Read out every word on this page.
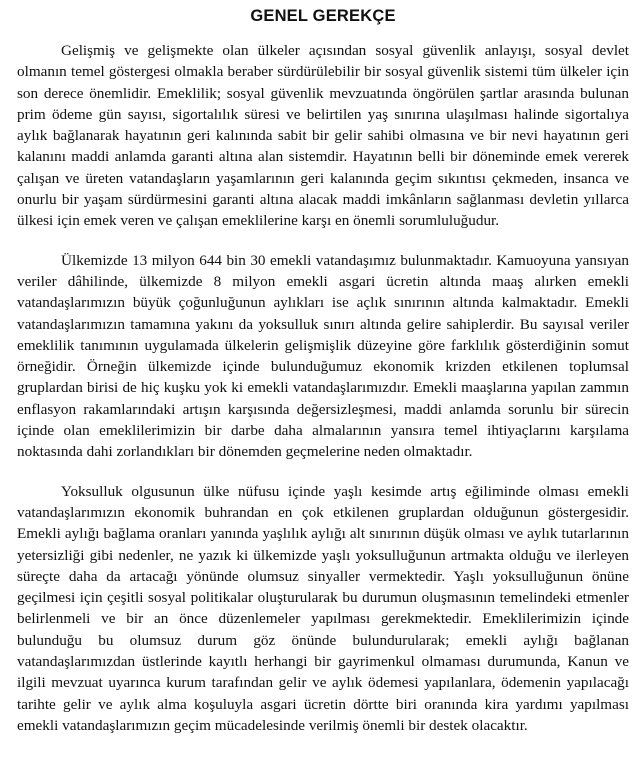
GENEL GEREKÇE

Gelişmiş ve gelişmekte olan ülkeler açısından sosyal güvenlik anlayışı, sosyal devlet olmanın temel göstergesi olmakla beraber sürdürülebilir bir sosyal güvenlik sistemi tüm ülkeler için son derece önemlidir. Emeklilik; sosyal güvenlik mevzuatında öngörülen şartlar arasında bulunan prim ödeme gün sayısı, sigortalılık süresi ve belirtilen yaş sınırına ulaşılması halinde sigortalıya aylık bağlanarak hayatının geri kalınında sabit bir gelir sahibi olmasına ve bir nevi hayatının geri kalanını maddi anlamda garanti altına alan sistemdir. Hayatının belli bir döneminde emek vererek çalışan ve üreten vatandaşların yaşamlarının geri kalanında geçim sıkıntısı çekmeden, insanca ve onurlu bir yaşam sürdürmesini garanti altına alacak maddi imkânların sağlanması devletin yıllarca ülkesi için emek veren ve çalışan emeklilerine karşı en önemli sorumluluğudur.

Ülkemizde 13 milyon 644 bin 30 emekli vatandaşımız bulunmaktadır. Kamuoyuna yansıyan veriler dâhilinde, ülkemizde 8 milyon emekli asgari ücretin altında maaş alırken emekli vatandaşlarımızın büyük çoğunluğunun aylıkları ise açlık sınırının altında kalmaktadır. Emekli vatandaşlarımızın tamamına yakını da yoksulluk sınırı altında gelire sahiplerdir. Bu sayısal veriler emeklilik tanımının uygulamada ülkelerin gelişmişlik düzeyine göre farklılık gösterdiğinin somut örneğidir. Örneğin ülkemizde içinde bulunduğumuz ekonomik krizden etkilenen toplumsal gruplardan birisi de hiç kuşku yok ki emekli vatandaşlarımızdır. Emekli maaşlarına yapılan zammın enflasyon rakamlarındaki artışın karşısında değersizleşmesi, maddi anlamda sorunlu bir sürecin içinde olan emeklilerimizin bir darbe daha almalarının yansıra temel ihtiyaçlarını karşılama noktasında dahi zorlandıkları bir dönemden geçmelerine neden olmaktadır.

Yoksulluk olgusunun ülke nüfusu içinde yaşlı kesimde artış eğiliminde olması emekli vatandaşlarımızın ekonomik buhrandan en çok etkilenen gruplardan olduğunun göstergesidir. Emekli aylığı bağlama oranları yanında yaşlılık aylığı alt sınırının düşük olması ve aylık tutarlarının yetersizliği gibi nedenler, ne yazık ki ülkemizde yaşlı yoksulluğunun artmakta olduğu ve ilerleyen süreçte daha da artacağı yönünde olumsuz sinyaller vermektedir. Yaşlı yoksulluğunun önüne geçilmesi için çeşitli sosyal politikalar oluşturularak bu durumun oluşmasının temelindeki etmenler belirlenmeli ve bir an önce düzenlemeler yapılması gerekmektedir. Emeklilerimizin içinde bulunduğu bu olumsuz durum göz önünde bulundurularak; emekli aylığı bağlanan vatandaşlarımızdan üstlerinde kayıtlı herhangi bir gayrimenkul olmaması durumunda, Kanun ve ilgili mevzuat uyarınca kurum tarafından gelir ve aylık ödemesi yapılanlara, ödemenin yapılacağı tarihte gelir ve aylık alma koşuluyla asgari ücretin dörtte biri oranında kira yardımı yapılması emekli vatandaşlarımızın geçim mücadelesinde verilmiş önemli bir destek olacaktır.
